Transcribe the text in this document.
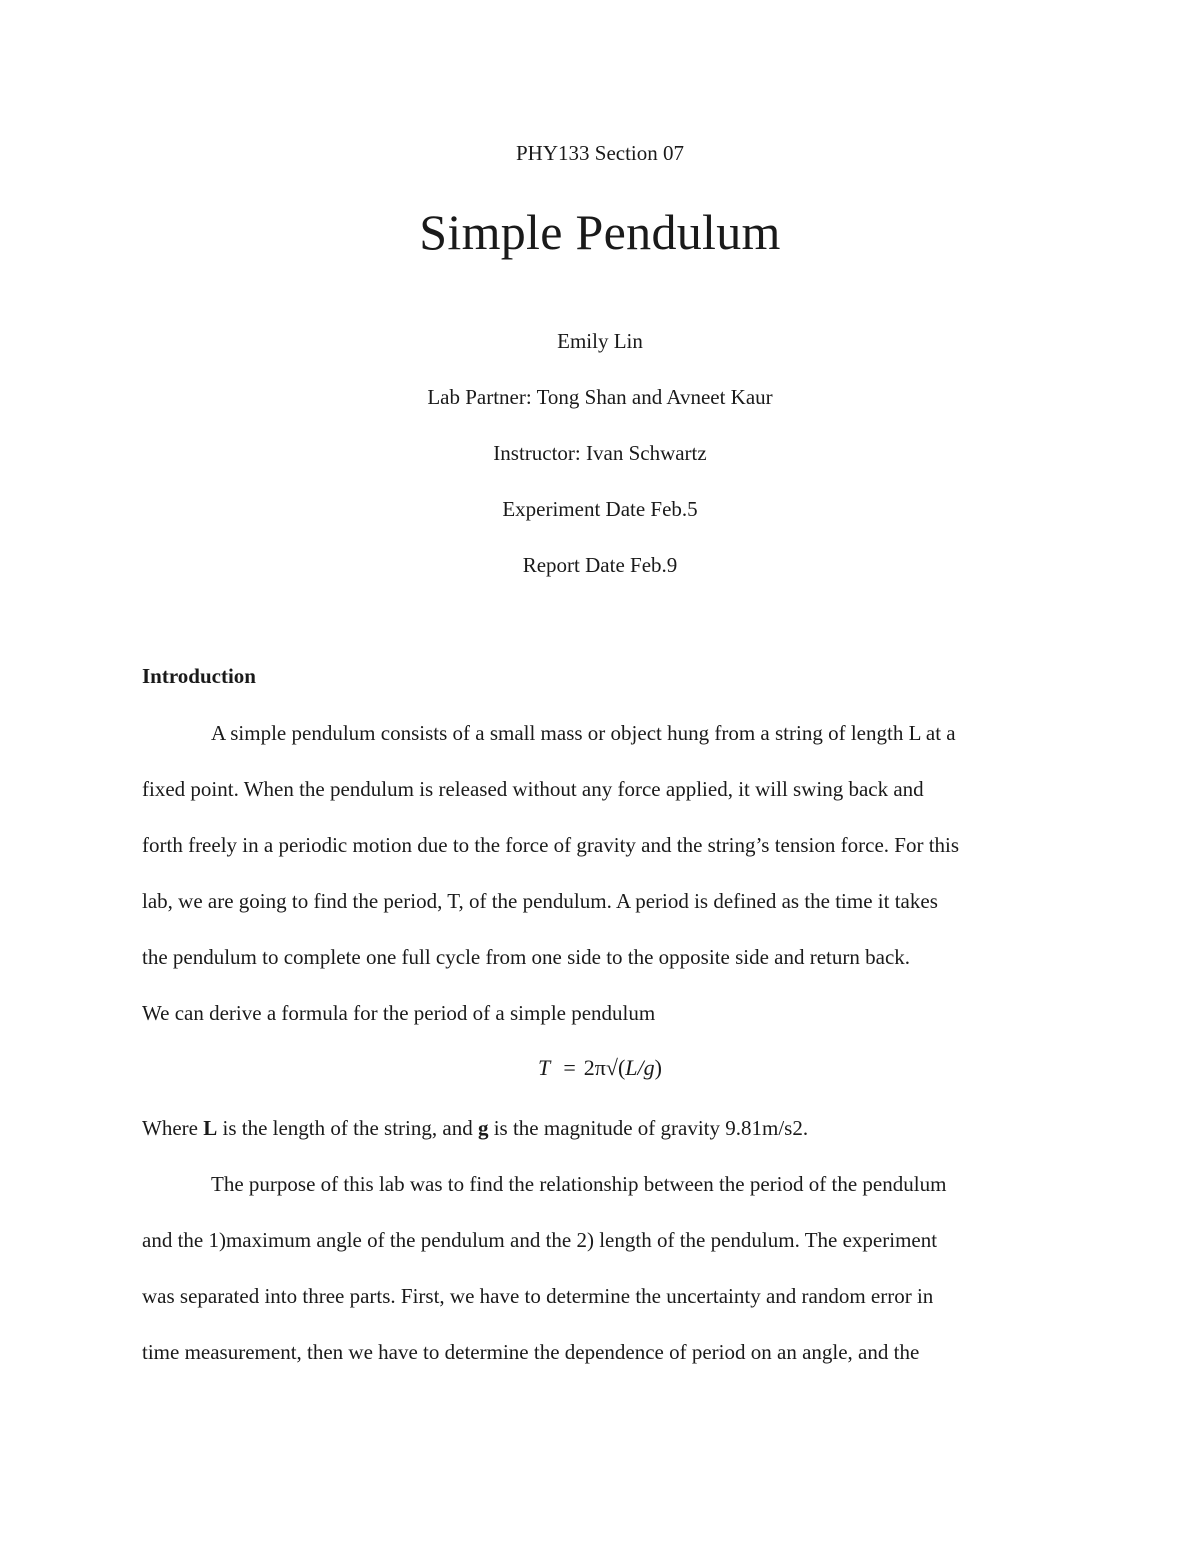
PHY133 Section 07
Simple Pendulum
Emily Lin
Lab Partner: Tong Shan and Avneet Kaur
Instructor: Ivan Schwartz
Experiment Date Feb.5
Report Date Feb.9
Introduction
A simple pendulum consists of a small mass or object hung from a string of length L at a
fixed point. When the pendulum is released without any force applied, it will swing back and
forth freely in a periodic motion due to the force of gravity and the string’s tension force. For this
lab, we are going to find the period, T, of the pendulum. A period is defined as the time it takes
the pendulum to complete one full cycle from one side to the opposite side and return back.
We can derive a formula for the period of a simple pendulum
T = 2π√(L/g)
Where L is the length of the string, and g is the magnitude of gravity 9.81m/s2.
The purpose of this lab was to find the relationship between the period of the pendulum
and the 1)maximum angle of the pendulum and the 2) length of the pendulum. The experiment
was separated into three parts. First, we have to determine the uncertainty and random error in
time measurement, then we have to determine the dependence of period on an angle, and the
